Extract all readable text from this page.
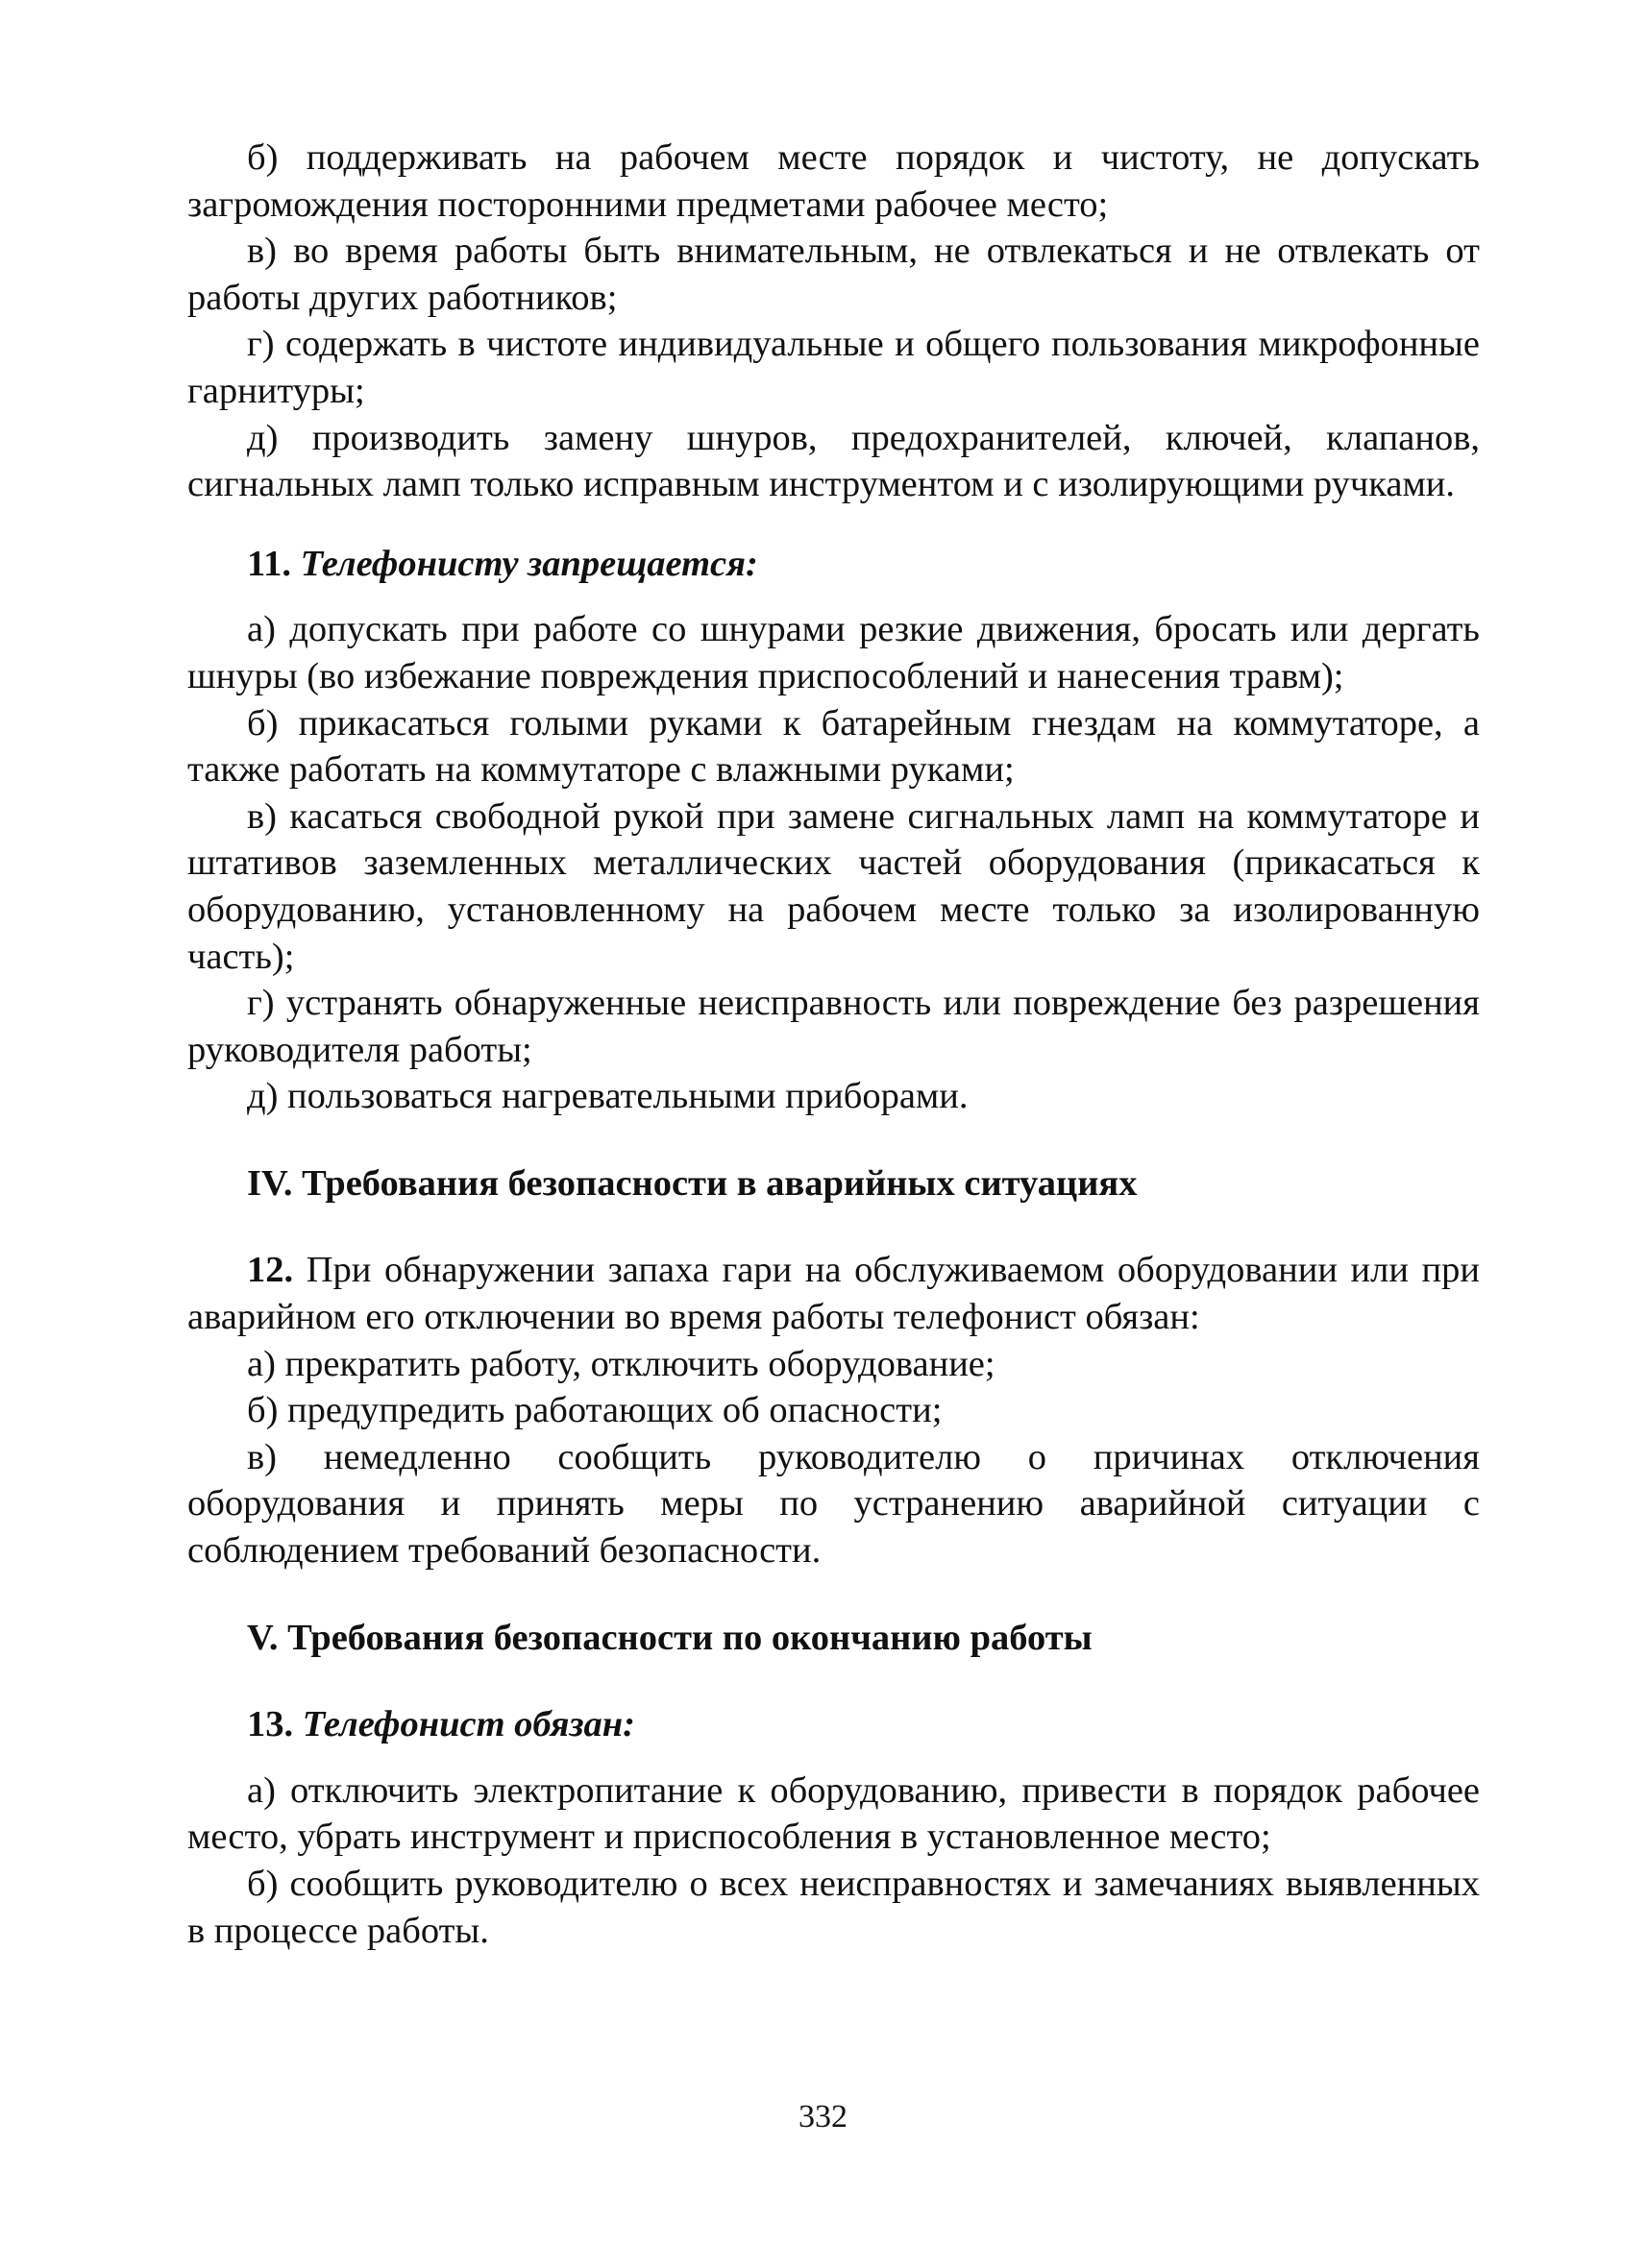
б) поддерживать на рабочем месте порядок и чистоту, не допускать загромождения посторонними предметами рабочее место;

в) во время работы быть внимательным, не отвлекаться и не отвлекать от работы других работников;

г) содержать в чистоте индивидуальные и общего пользования микрофонные гарнитуры;

д) производить замену шнуров, предохранителей, ключей, клапанов, сигнальных ламп только исправным инструментом и с изолирующими ручками.

11. Телефонисту запрещается:

а) допускать при работе со шнурами резкие движения, бросать или дергать шнуры (во избежание повреждения приспособлений и нанесения травм);

б) прикасаться голыми руками к батарейным гнездам на коммутаторе, а также работать на коммутаторе с влажными руками;

в) касаться свободной рукой при замене сигнальных ламп на коммутаторе и штативов заземленных металлических частей оборудования (прикасаться к оборудованию, установленному на рабочем месте только за изолированную часть);

г) устранять обнаруженные неисправность или повреждение без разрешения руководителя работы;

д) пользоваться нагревательными приборами.

IV. Требования безопасности в аварийных ситуациях

12. При обнаружении запаха гари на обслуживаемом оборудовании или при аварийном его отключении во время работы телефонист обязан:

а) прекратить работу, отключить оборудование;

б) предупредить работающих об опасности;

в) немедленно сообщить руководителю о причинах отключения оборудования и принять меры по устранению аварийной ситуации с соблюдением требований безопасности.

V. Требования безопасности по окончанию работы

13. Телефонист обязан:

а) отключить электропитание к оборудованию, привести в порядок рабочее место, убрать инструмент и приспособления в установленное место;

б) сообщить руководителю о всех неисправностях и замечаниях выявленных в процессе работы.

332
